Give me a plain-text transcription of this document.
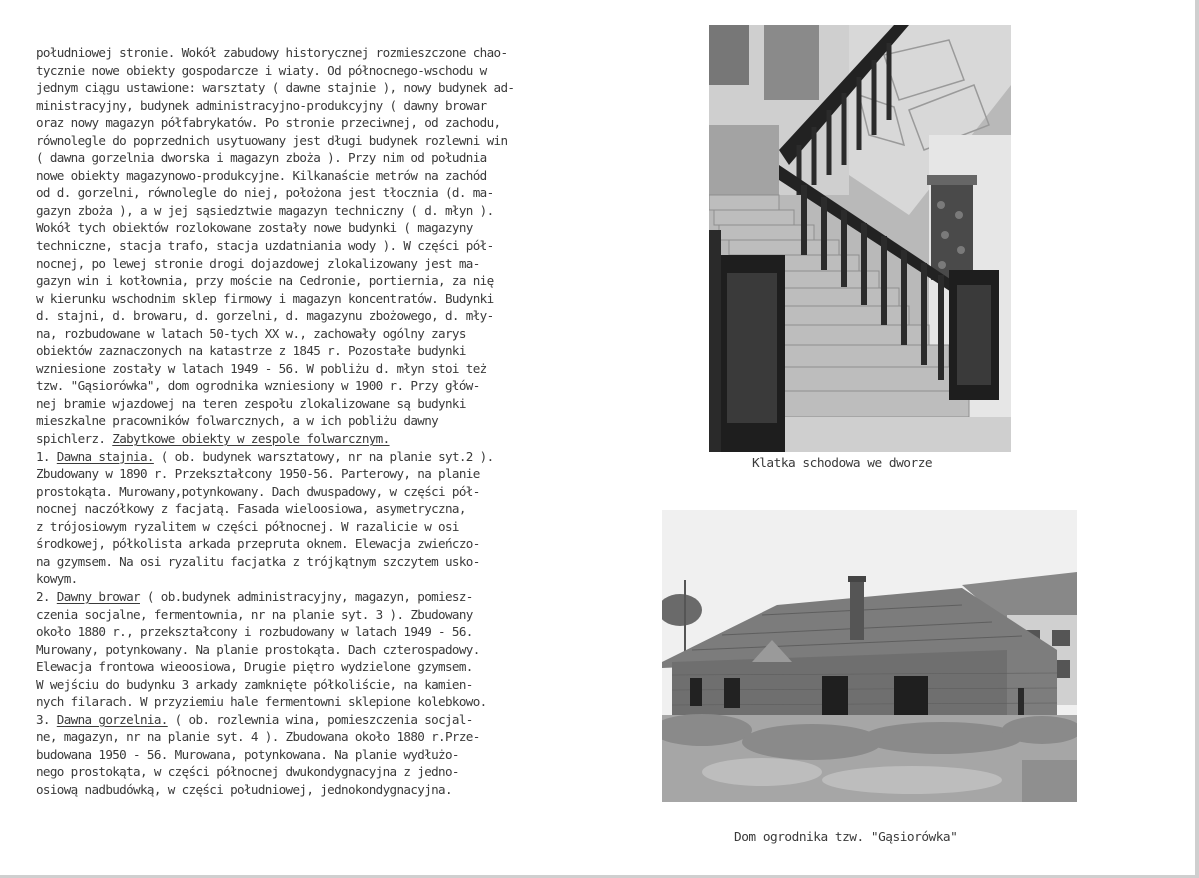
południowej stronie. Wokół zabudowy historycznej rozmieszczone chao-
tycznie nowe obiekty gospodarcze i wiaty. Od północnego-wschodu w
jednym ciągu ustawione: warsztaty ( dawne stajnie ), nowy budynek ad-
ministracyjny, budynek administracyjno-produkcyjny ( dawny browar
oraz nowy magazyn półfabrykatów. Po stronie przeciwnej, od zachodu,
równolegle do poprzednich usytuowany jest długi budynek rozlewni win
( dawna gorzelnia dworska i magazyn zboża ). Przy nim od południa
nowe obiekty magazynowo-produkcyjne. Kilkanaście metrów na zachód
od d. gorzelni, równolegle do niej, położona jest tłocznia (d. ma-
gazyn zboża ), a w jej sąsiedztwie magazyn techniczny ( d. młyn ).
Wokół tych obiektów rozlokowane zostały nowe budynki ( magazyny
techniczne, stacja trafo, stacja uzdatniania wody ). W części pół-
nocnej, po lewej stronie drogi dojazdowej zlokalizowany jest ma-
gazyn win i kotłownia, przy moście na Cedronie, portiernia, za nię
w kierunku wschodnim sklep firmowy i magazyn koncentratów. Budynki
d. stajni, d. browaru, d. gorzelni, d. magazynu zbożowego, d. mły-
na, rozbudowane w latach 50-tych XX w., zachowały ogólny zarys
obiektów zaznaczonych na katastrze z 1845 r. Pozostałe budynki
wzniesione zostały w latach 1949 - 56. W pobliżu d. młyn stoi też
tzw. "Gąsiorówka", dom ogrodnika wzniesiony w 1900 r. Przy głów-
nej bramie wjazdowej na teren zespołu zlokalizowane są budynki
mieszkalne pracowników folwarcznych, a w ich pobliżu dawny
spichlerz. Zabytkowe obiekty w zespole folwarcznym.
1. Dawna stajnia. ( ob. budynek warsztatowy, nr na planie syt.2 ).
Zbudowany w 1890 r. Przekształcony 1950-56. Parterowy, na planie
prostokąta. Murowany,potynkowany. Dach dwuspadowy, w części pół-
nocnej naczółkowy z facjatą. Fasada wieloosiowa, asymetryczna,
z trójosiowym ryzalitem w części północnej. W razalicie w osi
środkowej, półkolista arkada przepruta oknem. Elewacja zwieńczo-
na gzymsem. Na osi ryzalitu facjatka z trójkątnym szczytem usko-
kowym.
2. Dawny browar ( ob.budynek administracyjny, magazyn, pomiesz-
czenia socjalne, fermentownia, nr na planie syt. 3 ). Zbudowany
około 1880 r., przekształcony i rozbudowany w latach 1949 - 56.
Murowany, potynkowany. Na planie prostokąta. Dach czterospadowy.
Elewacja frontowa wieoosiowa, Drugie piętro wydzielone gzymsem.
W wejściu do budynku 3 arkady zamknięte półkoliście, na kamien-
nych filarach. W przyziemiu hale fermentowni sklepione kolebkowo.
3. Dawna gorzelnia. ( ob. rozlewnia wina, pomieszczenia socjal-
ne, magazyn, nr na planie syt. 4 ). Zbudowana około 1880 r.Prze-
budowana 1950 - 56. Murowana, potynkowana. Na planie wydłużo-
nego prostokąta, w części północnej dwukondygnacyjna z jedno-
osiową nadbudówką, w części południowej, jednokondygnacyjna.
Klatka schodowa we dworze
Dom ogrodnika tzw. "Gąsiorówka"
